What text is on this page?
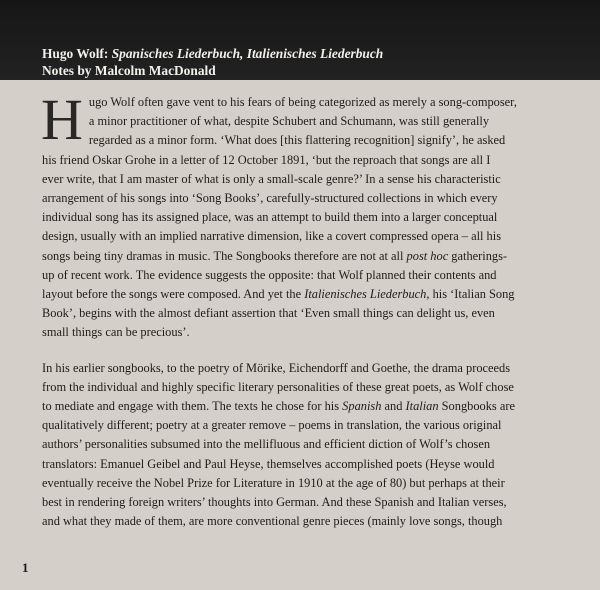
Hugo Wolf: Spanisches Liederbuch, Italienisches Liederbuch
Notes by Malcolm MacDonald
H ugo Wolf often gave vent to his fears of being categorized as merely a song-composer,
a minor practitioner of what, despite Schubert and Schumann, was still generally
regarded as a minor form. ‘What does [this flattering recognition] signify’, he asked
his friend Oskar Grohe in a letter of 12 October 1891, ‘but the reproach that songs are all I
ever write, that I am master of what is only a small-scale genre?’ In a sense his characteristic
arrangement of his songs into ‘Song Books’, carefully-structured collections in which every
individual song has its assigned place, was an attempt to build them into a larger conceptual
design, usually with an implied narrative dimension, like a covert compressed opera – all his
songs being tiny dramas in music. The Songbooks therefore are not at all post hoc gatherings-
up of recent work. The evidence suggests the opposite: that Wolf planned their contents and
layout before the songs were composed. And yet the Italienisches Liederbuch, his ‘Italian Song
Book’, begins with the almost defiant assertion that ‘Even small things can delight us, even
small things can be precious’.
In his earlier songbooks, to the poetry of Mörike, Eichendorff and Goethe, the drama proceeds
from the individual and highly specific literary personalities of these great poets, as Wolf chose
to mediate and engage with them. The texts he chose for his Spanish and Italian Songbooks are
qualitatively different; poetry at a greater remove – poems in translation, the various original
authors’ personalities subsumed into the mellifluous and efficient diction of Wolf’s chosen
translators: Emanuel Geibel and Paul Heyse, themselves accomplished poets (Heyse would
eventually receive the Nobel Prize for Literature in 1910 at the age of 80) but perhaps at their
best in rendering foreign writers’ thoughts into German. And these Spanish and Italian verses,
and what they made of them, are more conventional genre pieces (mainly love songs, though
1
